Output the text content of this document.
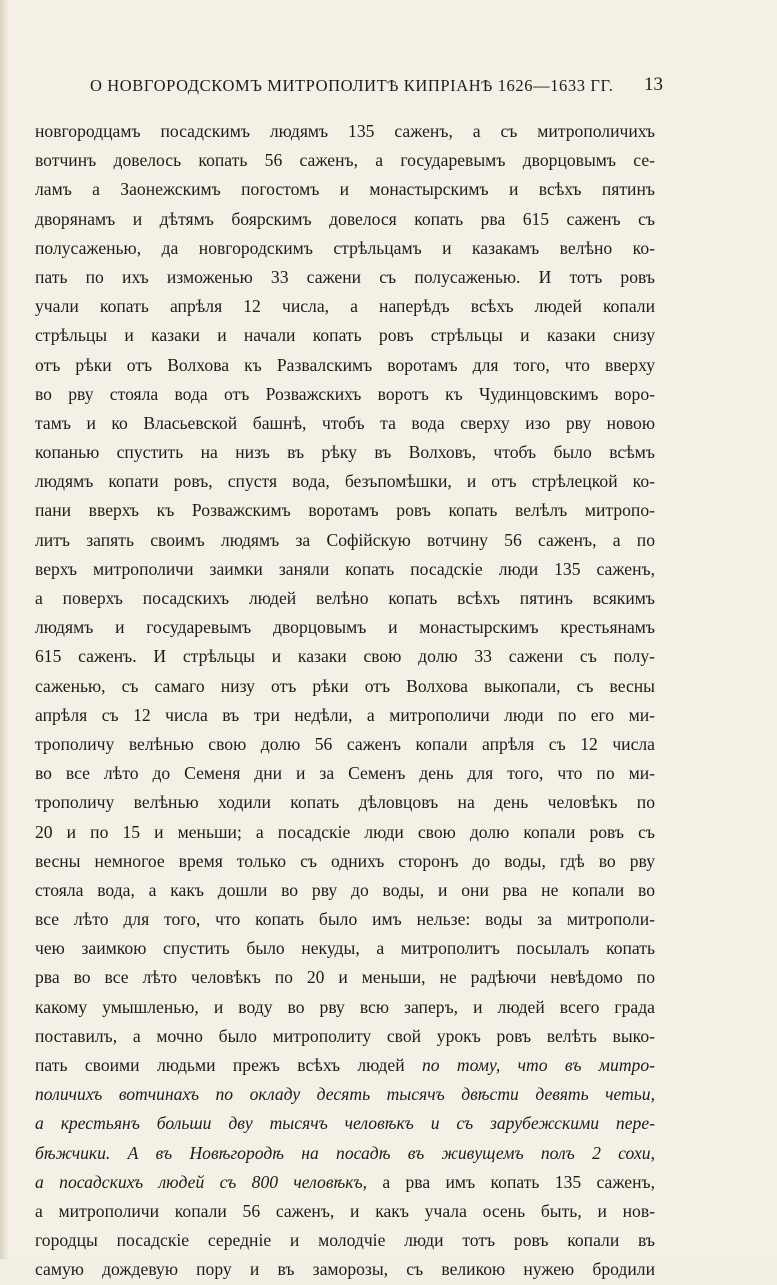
О НОВГОРОДСКОМЪ МИТРОПОЛИТѢ КИПРІАНѢ 1626—1633 ГГ. 13
новгородцамъ посадскимъ людямъ 135 саженъ, а съ митрополичихъ
вотчинъ довелось копать 56 саженъ, а государевымъ дворцовымъ се-
ламъ а Заонежскимъ погостомъ и монастырскимъ и всѣхъ пятинъ
дворянамъ и дѣтямъ боярскимъ довелося копать рва 615 саженъ съ
полусаженью, да новгородскимъ стрѣльцамъ и казакамъ велѣно ко-
пать по ихъ изможенью 33 сажени съ полусаженью. И тотъ ровъ
учали копать апрѣля 12 числа, а наперѣдъ всѣхъ людей копали
стрѣльцы и казаки и начали копать ровъ стрѣльцы и казаки снизу
отъ рѣки отъ Волхова къ Развалскимъ воротамъ для того, что вверху
во рву стояла вода отъ Розважскихъ воротъ къ Чудинцовскимъ воро-
тамъ и ко Власьевской башнѣ, чтобъ та вода сверху изо рву новою
копанью спустить на низъ въ рѣку въ Волховъ, чтобъ было всѣмъ
людямъ копати ровъ, спустя вода, безъпомѣшки, и отъ стрѣлецкой ко-
пани вверхъ къ Розважскимъ воротамъ ровъ копать велѣлъ митропо-
литъ запять своимъ людямъ за Софійскую вотчину 56 саженъ, а по
верхъ митрополичи заимки заняли копать посадскіе люди 135 саженъ,
а поверхъ посадскихъ людей велѣно копать всѣхъ пятинъ всякимъ
людямъ и государевымъ дворцовымъ и монастырскимъ крестьянамъ
615 саженъ. И стрѣльцы и казаки свою долю 33 сажени съ полу-
саженью, съ самаго низу отъ рѣки отъ Волхова выкопали, съ весны
апрѣля съ 12 числа въ три недѣли, а митрополичи люди по его ми-
трополичу велѣнью свою долю 56 саженъ копали апрѣля съ 12 числа
во все лѣто до Семеня дни и за Семенъ день для того, что по ми-
трополичу велѣнью ходили копать дѣловцовъ на день человѣкъ по
20 и по 15 и меньши; а посадскіе люди свою долю копали ровъ съ
весны немногое время только съ однихъ сторонъ до воды, гдѣ во рву
стояла вода, а какъ дошли во рву до воды, и они рва не копали во
все лѣто для того, что копать было имъ нельзе: воды за митрополи-
чею заимкою спустить было некуды, а митрополитъ посылалъ копать
рва во все лѣто человѣкъ по 20 и меньши, не радѣючи невѣдомо по
какому умышленью, и воду во рву всю заперъ, и людей всего града
поставилъ, а мочно было митрополиту свой урокъ ровъ велѣть выко-
пать своими людьми прежъ всѣхъ людей по тому, что въ митро-
поличихъ вотчинахъ по окладу десять тысячъ двѣсти девять четьи,
а крестьянъ больши дву тысячъ человѣкъ и съ зарубежскими пере-
бѣжчики. А въ Новѣгородѣ на посадѣ въ живущемъ полъ 2 сохи,
а посадскихъ людей съ 800 человѣкъ, а рва имъ копать 135 саженъ,
а митрополичи копали 56 саженъ, и какъ учала осень быть, и нов-
городцы посадскіе середніе и молодчіе люди тотъ ровъ копали въ
самую дождевую пору и въ заморозы, съ великою нужею бродили
